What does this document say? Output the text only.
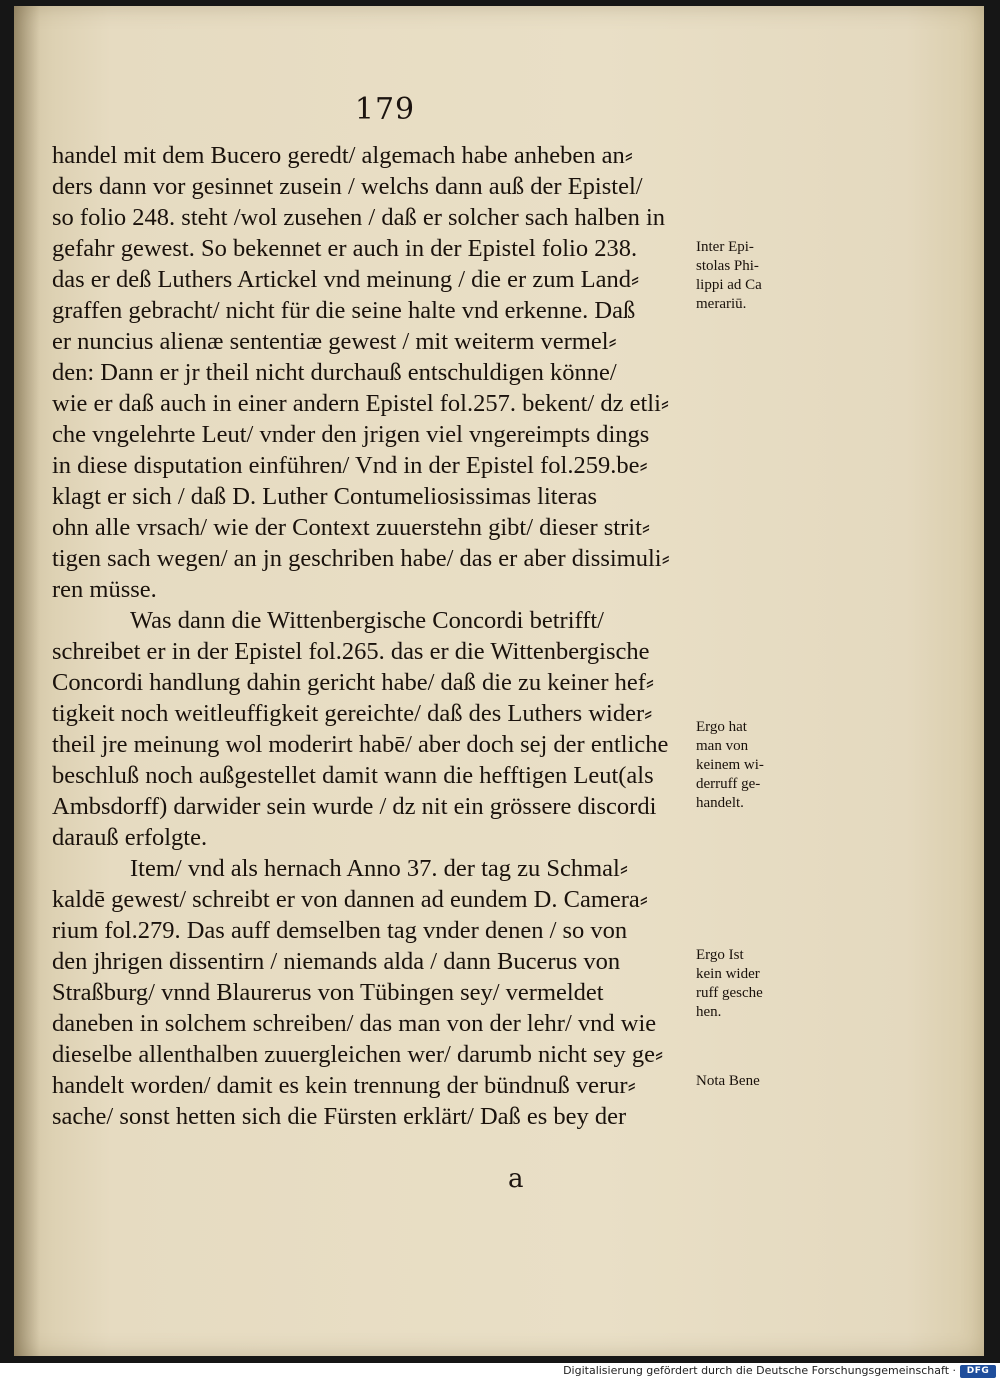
179
handel mit dem Bucero geredt/ algemach habe anheben an⸗
ders dann vor gesinnet zusein / welchs dann auß der Epistel/
so folio 248. steht /wol zusehen / daß er solcher sach halben in
gefahr gewest. So bekennet er auch in der Epistel folio 238.
das er deß Luthers Artickel vnd meinung / die er zum Land⸗
graffen gebracht/ nicht für die seine halte vnd erkenne. Daß
er nuncius alienæ sententiæ gewest / mit weiterm vermel⸗
den: Dann er jr theil nicht durchauß entschuldigen könne/
wie er daß auch in einer andern Epistel fol.257. bekent/ dz etli⸗
che vngelehrte Leut/ vnder den jrigen viel vngereimpts dings
in diese disputation einführen/ Vnd in der Epistel fol.259.be⸗
klagt er sich / daß D. Luther Contumeliosissimas literas
ohn alle vrsach/ wie der Context zuuerstehn gibt/ dieser strit⸗
tigen sach wegen/ an jn geschriben habe/ das er aber dissimuli⸗
ren müsse.
Was dann die Wittenbergische Concordi betrifft/
schreibet er in der Epistel fol.265. das er die Wittenbergische
Concordi handlung dahin gericht habe/ daß die zu keiner hef⸗
tigkeit noch weitleuffigkeit gereichte/ daß des Luthers wider⸗
theil jre meinung wol moderirt habē/ aber doch sej der entliche
beschluß noch außgestellet damit wann die hefftigen Leut(als
Ambsdorff) darwider sein wurde / dz nit ein grössere discordi
darauß erfolgte.
Item/ vnd als hernach Anno 37. der tag zu Schmal⸗
kaldē gewest/ schreibt er von dannen ad eundem D. Camera⸗
rium fol.279. Das auff demselben tag vnder denen / so von
den jhrigen dissentirn / niemands alda / dann Bucerus von
Straßburg/ vnnd Blaurerus von Tübingen sey/ vermeldet
daneben in solchem schreiben/ das man von der lehr/ vnd wie
dieselbe allenthalben zuuergleichen wer/ darumb nicht sey ge⸗
handelt worden/ damit es kein trennung der bündnuß verur⸗
sache/ sonst hetten sich die Fürsten erklärt/ Daß es bey der
Inter Epi-
stolas Phi-
lippi ad Ca
merariū.
Ergo hat
man von
keinem wi-
derruff ge-
handelt.
Ergo Ist
kein wider
ruff gesche
hen.
Nota Bene
a
Digitalisierung gefördert durch die Deutsche Forschungsgemeinschaft ·	DFG
